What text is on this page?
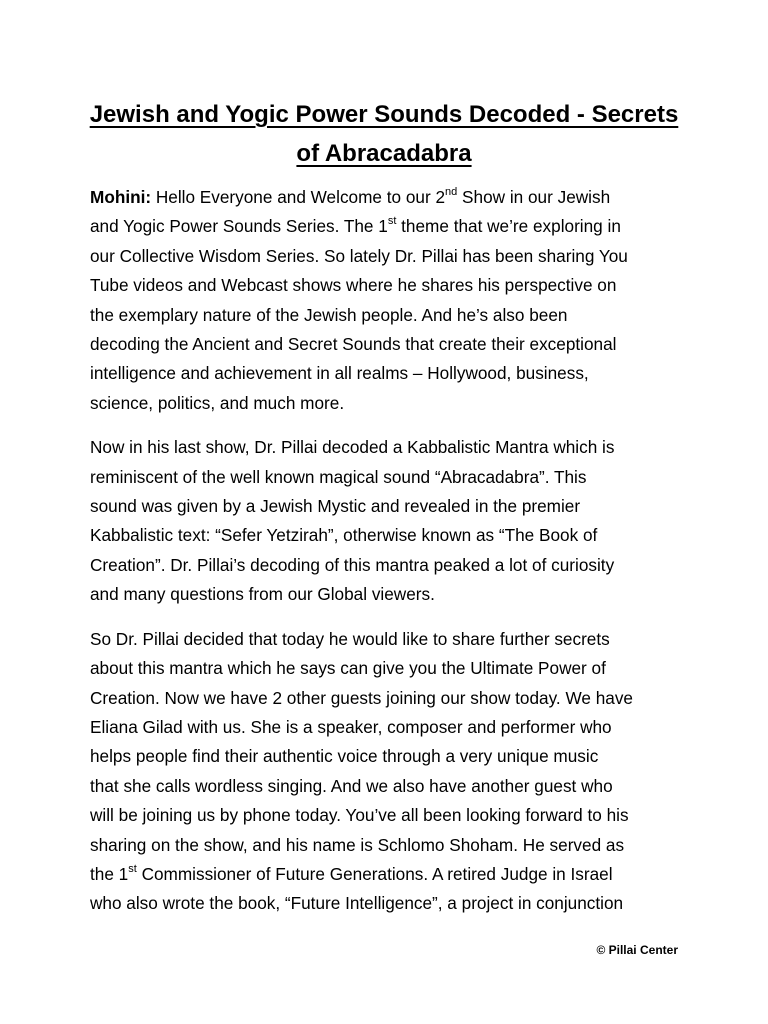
Jewish and Yogic Power Sounds Decoded - Secrets
of Abracadabra

Mohini: Hello Everyone and Welcome to our 2nd Show in our Jewish
and Yogic Power Sounds Series. The 1st theme that we’re exploring in
our Collective Wisdom Series. So lately Dr. Pillai has been sharing You
Tube videos and Webcast shows where he shares his perspective on
the exemplary nature of the Jewish people. And he’s also been
decoding the Ancient and Secret Sounds that create their exceptional
intelligence and achievement in all realms – Hollywood, business,
science, politics, and much more.

Now in his last show, Dr. Pillai decoded a Kabbalistic Mantra which is
reminiscent of the well known magical sound “Abracadabra”. This
sound was given by a Jewish Mystic and revealed in the premier
Kabbalistic text: “Sefer Yetzirah”, otherwise known as “The Book of
Creation”. Dr. Pillai’s decoding of this mantra peaked a lot of curiosity
and many questions from our Global viewers.

So Dr. Pillai decided that today he would like to share further secrets
about this mantra which he says can give you the Ultimate Power of
Creation. Now we have 2 other guests joining our show today. We have
Eliana Gilad with us. She is a speaker, composer and performer who
helps people find their authentic voice through a very unique music
that she calls wordless singing. And we also have another guest who
will be joining us by phone today. You’ve all been looking forward to his
sharing on the show, and his name is Schlomo Shoham. He served as
the 1st Commissioner of Future Generations. A retired Judge in Israel
who also wrote the book, “Future Intelligence”, a project in conjunction

© Pillai Center
